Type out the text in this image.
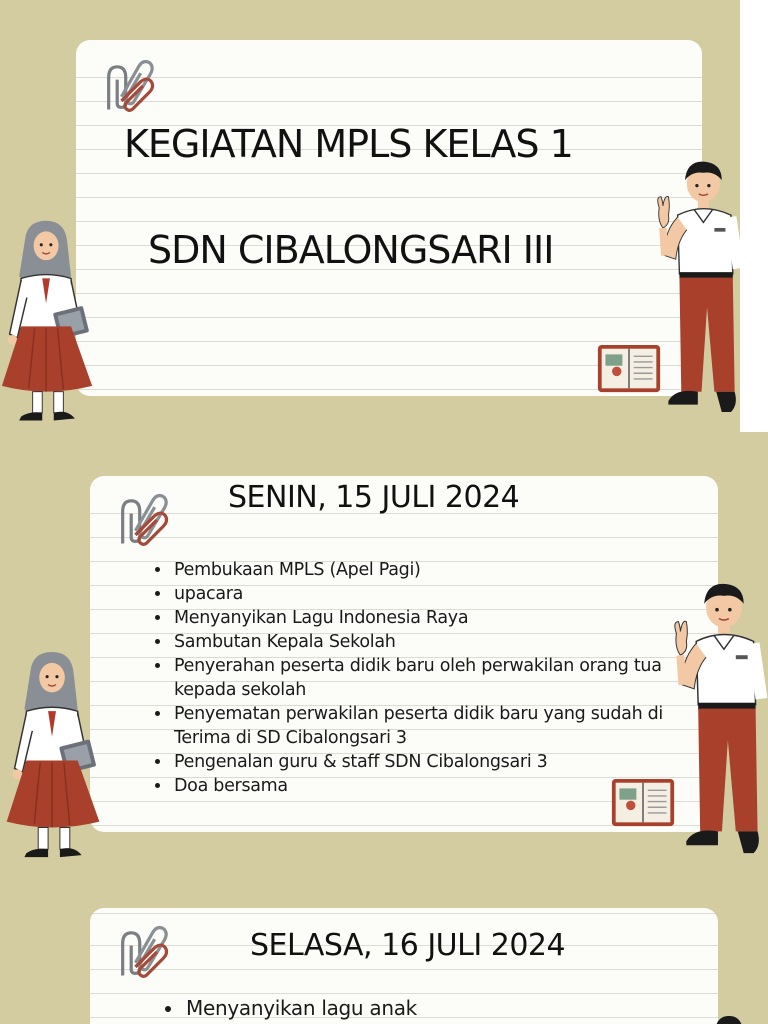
KEGIATAN MPLS KELAS 1
SDN CIBALONGSARI III
SENIN, 15 JULI 2024
• Pembukaan MPLS (Apel Pagi)
• upacara
• Menyanyikan Lagu Indonesia Raya
• Sambutan Kepala Sekolah
• Penyerahan peserta didik baru oleh perwakilan orang tua kepada sekolah
• Penyematan perwakilan peserta didik baru yang sudah di Terima di SD Cibalongsari 3
• Pengenalan guru & staff SDN Cibalongsari 3
• Doa bersama
SELASA, 16 JULI 2024
• Menyanyikan lagu anak
